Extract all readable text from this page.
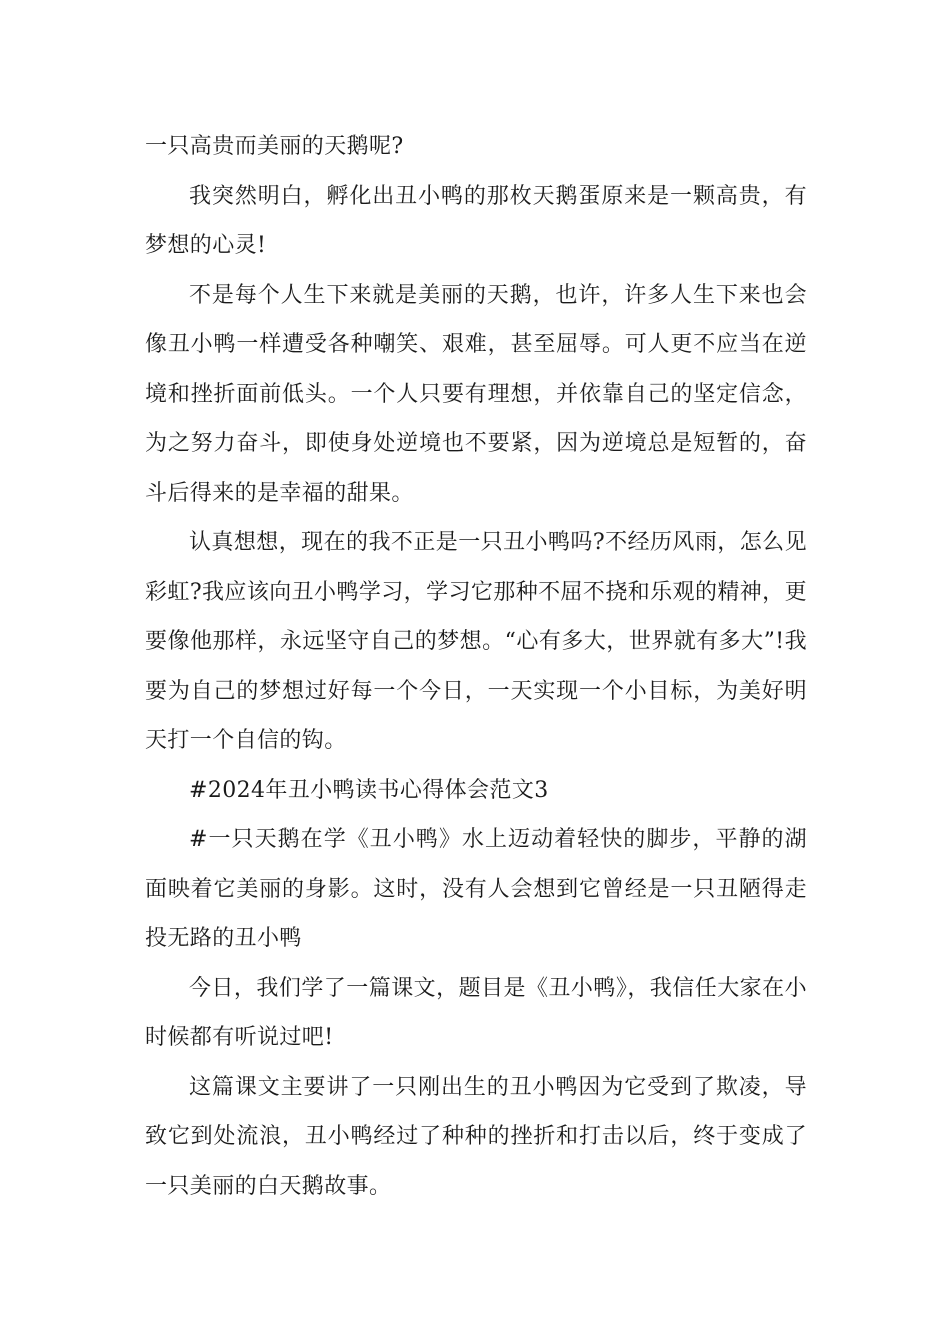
一只高贵而美丽的天鹅呢?

我突然明白，孵化出丑小鸭的那枚天鹅蛋原来是一颗高贵，有梦想的心灵!

不是每个人生下来就是美丽的天鹅，也许，许多人生下来也会像丑小鸭一样遭受各种嘲笑、艰难，甚至屈辱。可人更不应当在逆境和挫折面前低头。一个人只要有理想，并依靠自己的坚定信念，为之努力奋斗，即使身处逆境也不要紧，因为逆境总是短暂的，奋斗后得来的是幸福的甜果。

认真想想，现在的我不正是一只丑小鸭吗?不经历风雨，怎么见彩虹?我应该向丑小鸭学习，学习它那种不屈不挠和乐观的精神，更要像他那样，永远坚守自己的梦想。“心有多大，世界就有多大”!我要为自己的梦想过好每一个今日，一天实现一个小目标，为美好明天打一个自信的钩。

#2024年丑小鸭读书心得体会范文3

#一只天鹅在学《丑小鸭》水上迈动着轻快的脚步，平静的湖面映着它美丽的身影。这时，没有人会想到它曾经是一只丑陋得走投无路的丑小鸭

今日，我们学了一篇课文，题目是《丑小鸭》，我信任大家在小时候都有听说过吧!

这篇课文主要讲了一只刚出生的丑小鸭因为它受到了欺凌，导致它到处流浪，丑小鸭经过了种种的挫折和打击以后，终于变成了一只美丽的白天鹅故事。
